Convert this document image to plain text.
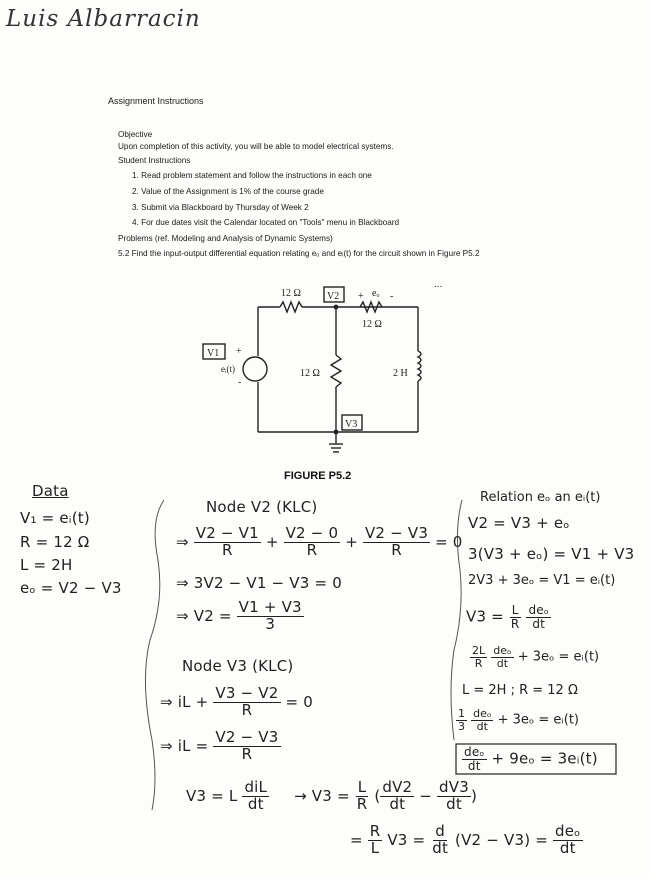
Luis Albarracin
Assignment Instructions
Objective
Upon completion of this activity, you will be able to model electrical systems.
Student Instructions
1. Read problem statement and follow the instructions in each one
2. Value of the Assignment is 1% of the course grade
3. Submit via Blackboard by Thursday of Week 2
4. For due dates visit the Calendar located on "Tools" menu in Blackboard
Problems (ref. Modeling and Analysis of Dynamic Systems)
5.2 Find the input-output differential equation relating eₒ and eᵢ(t) for the circuit shown in Figure P5.2
...
12 Ω
12 Ω
12 Ω	2 H
eᵢ(t)
+
-
+ eₒ -
V1
V2
V3
FIGURE P5.2
Data
V₁ = eᵢ(t)
R = 12 Ω
L = 2H
eₒ = V2 − V3
Node V2 (KLC)
⇒ $\frac{V2 - V1}{R} + \frac{V2 - 0}{R} + \frac{V2 - V3}{R} = 0$
⇒ 3V2 − V1 − V3 = 0
⇒ $V2 = \frac{V1 + V3}{3}$
Node V3 (KLC)
⇒ iL + $\frac{V3 - V2}{R} = 0$
⇒ iL = $\frac{V2 - V3}{R}$
V3 = L $\frac{\text{diL}}{dt} \to V3 = \frac{L}{R}$ ( $\frac{dV2}{dt} - \frac{dV3}{dt}$ )
= $\frac{R}{L} V3 = \frac{d}{dt} (V2 - V3) = \frac{\text{deₒ}}{dt}$
Relation eₒ an eᵢ(t)
V2 = V3 + eₒ
3(V3 + eₒ) = V1 + V3
2V3 + 3eₒ = V1 = eᵢ(t)
$V3 = \frac{L}{R}$
$\frac{\text{deₒ}}{dt}$
$\frac{2L}{R}$
$\frac{\text{deₒ}}{dt} + 3e_o$ = eᵢ(t)
L = 2H ; R = 12 Ω
$\frac{1}{3}$
$\frac{\text{deₒ}}{dt} + 3e_o$ = eᵢ(t)
$\frac{\text{deₒ}}{dt} + 9e_o$ = 3eᵢ(t)
